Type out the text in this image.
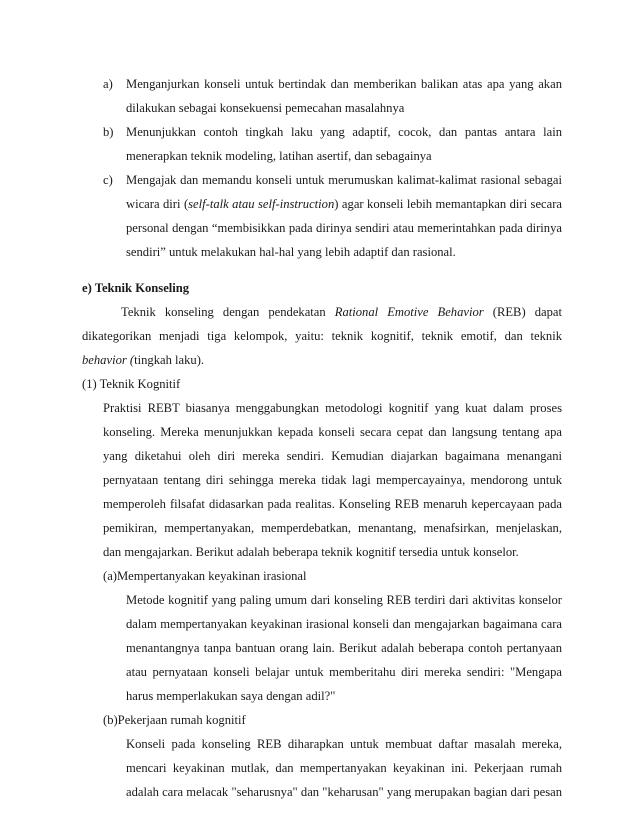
a) Menganjurkan konseli untuk bertindak dan memberikan balikan atas apa yang akan
dilakukan sebagai konsekuensi pemecahan masalahnya
b) Menunjukkan contoh tingkah laku yang adaptif, cocok, dan pantas antara lain
menerapkan teknik modeling, latihan asertif, dan sebagainya
c) Mengajak dan memandu konseli untuk merumuskan kalimat-kalimat rasional sebagai
wicara diri (self-talk atau self-instruction) agar konseli lebih memantapkan diri secara
personal dengan “membisikkan pada dirinya sendiri atau memerintahkan pada dirinya
sendiri” untuk melakukan hal-hal yang lebih adaptif dan rasional.
e) Teknik Konseling
Teknik konseling dengan pendekatan Rational Emotive Behavior (REB) dapat
dikategorikan menjadi tiga kelompok, yaitu: teknik kognitif, teknik emotif, dan teknik
behavior (tingkah laku).
(1) Teknik Kognitif
Praktisi REBT biasanya menggabungkan metodologi kognitif yang kuat dalam proses
konseling. Mereka menunjukkan kepada konseli secara cepat dan langsung tentang apa
yang diketahui oleh diri mereka sendiri. Kemudian diajarkan bagaimana menangani
pernyataan tentang diri sehingga mereka tidak lagi mempercayainya, mendorong untuk
memperoleh filsafat didasarkan pada realitas. Konseling REB menaruh kepercayaan pada
pemikiran, mempertanyakan, memperdebatkan, menantang, menafsirkan, menjelaskan,
dan mengajarkan. Berikut adalah beberapa teknik kognitif tersedia untuk konselor.
(a)Mempertanyakan keyakinan irasional
Metode kognitif yang paling umum dari konseling REB terdiri dari aktivitas konselor
dalam mempertanyakan keyakinan irasional konseli dan mengajarkan bagaimana cara
menantangnya tanpa bantuan orang lain. Berikut adalah beberapa contoh pertanyaan
atau pernyataan konseli belajar untuk memberitahu diri mereka sendiri: "Mengapa
harus memperlakukan saya dengan adil?"
(b)Pekerjaan rumah kognitif
Konseli pada konseling REB diharapkan untuk membuat daftar masalah mereka,
mencari keyakinan mutlak, dan mempertanyakan keyakinan ini. Pekerjaan rumah
adalah cara melacak "seharusnya" dan "keharusan" yang merupakan bagian dari pesan
